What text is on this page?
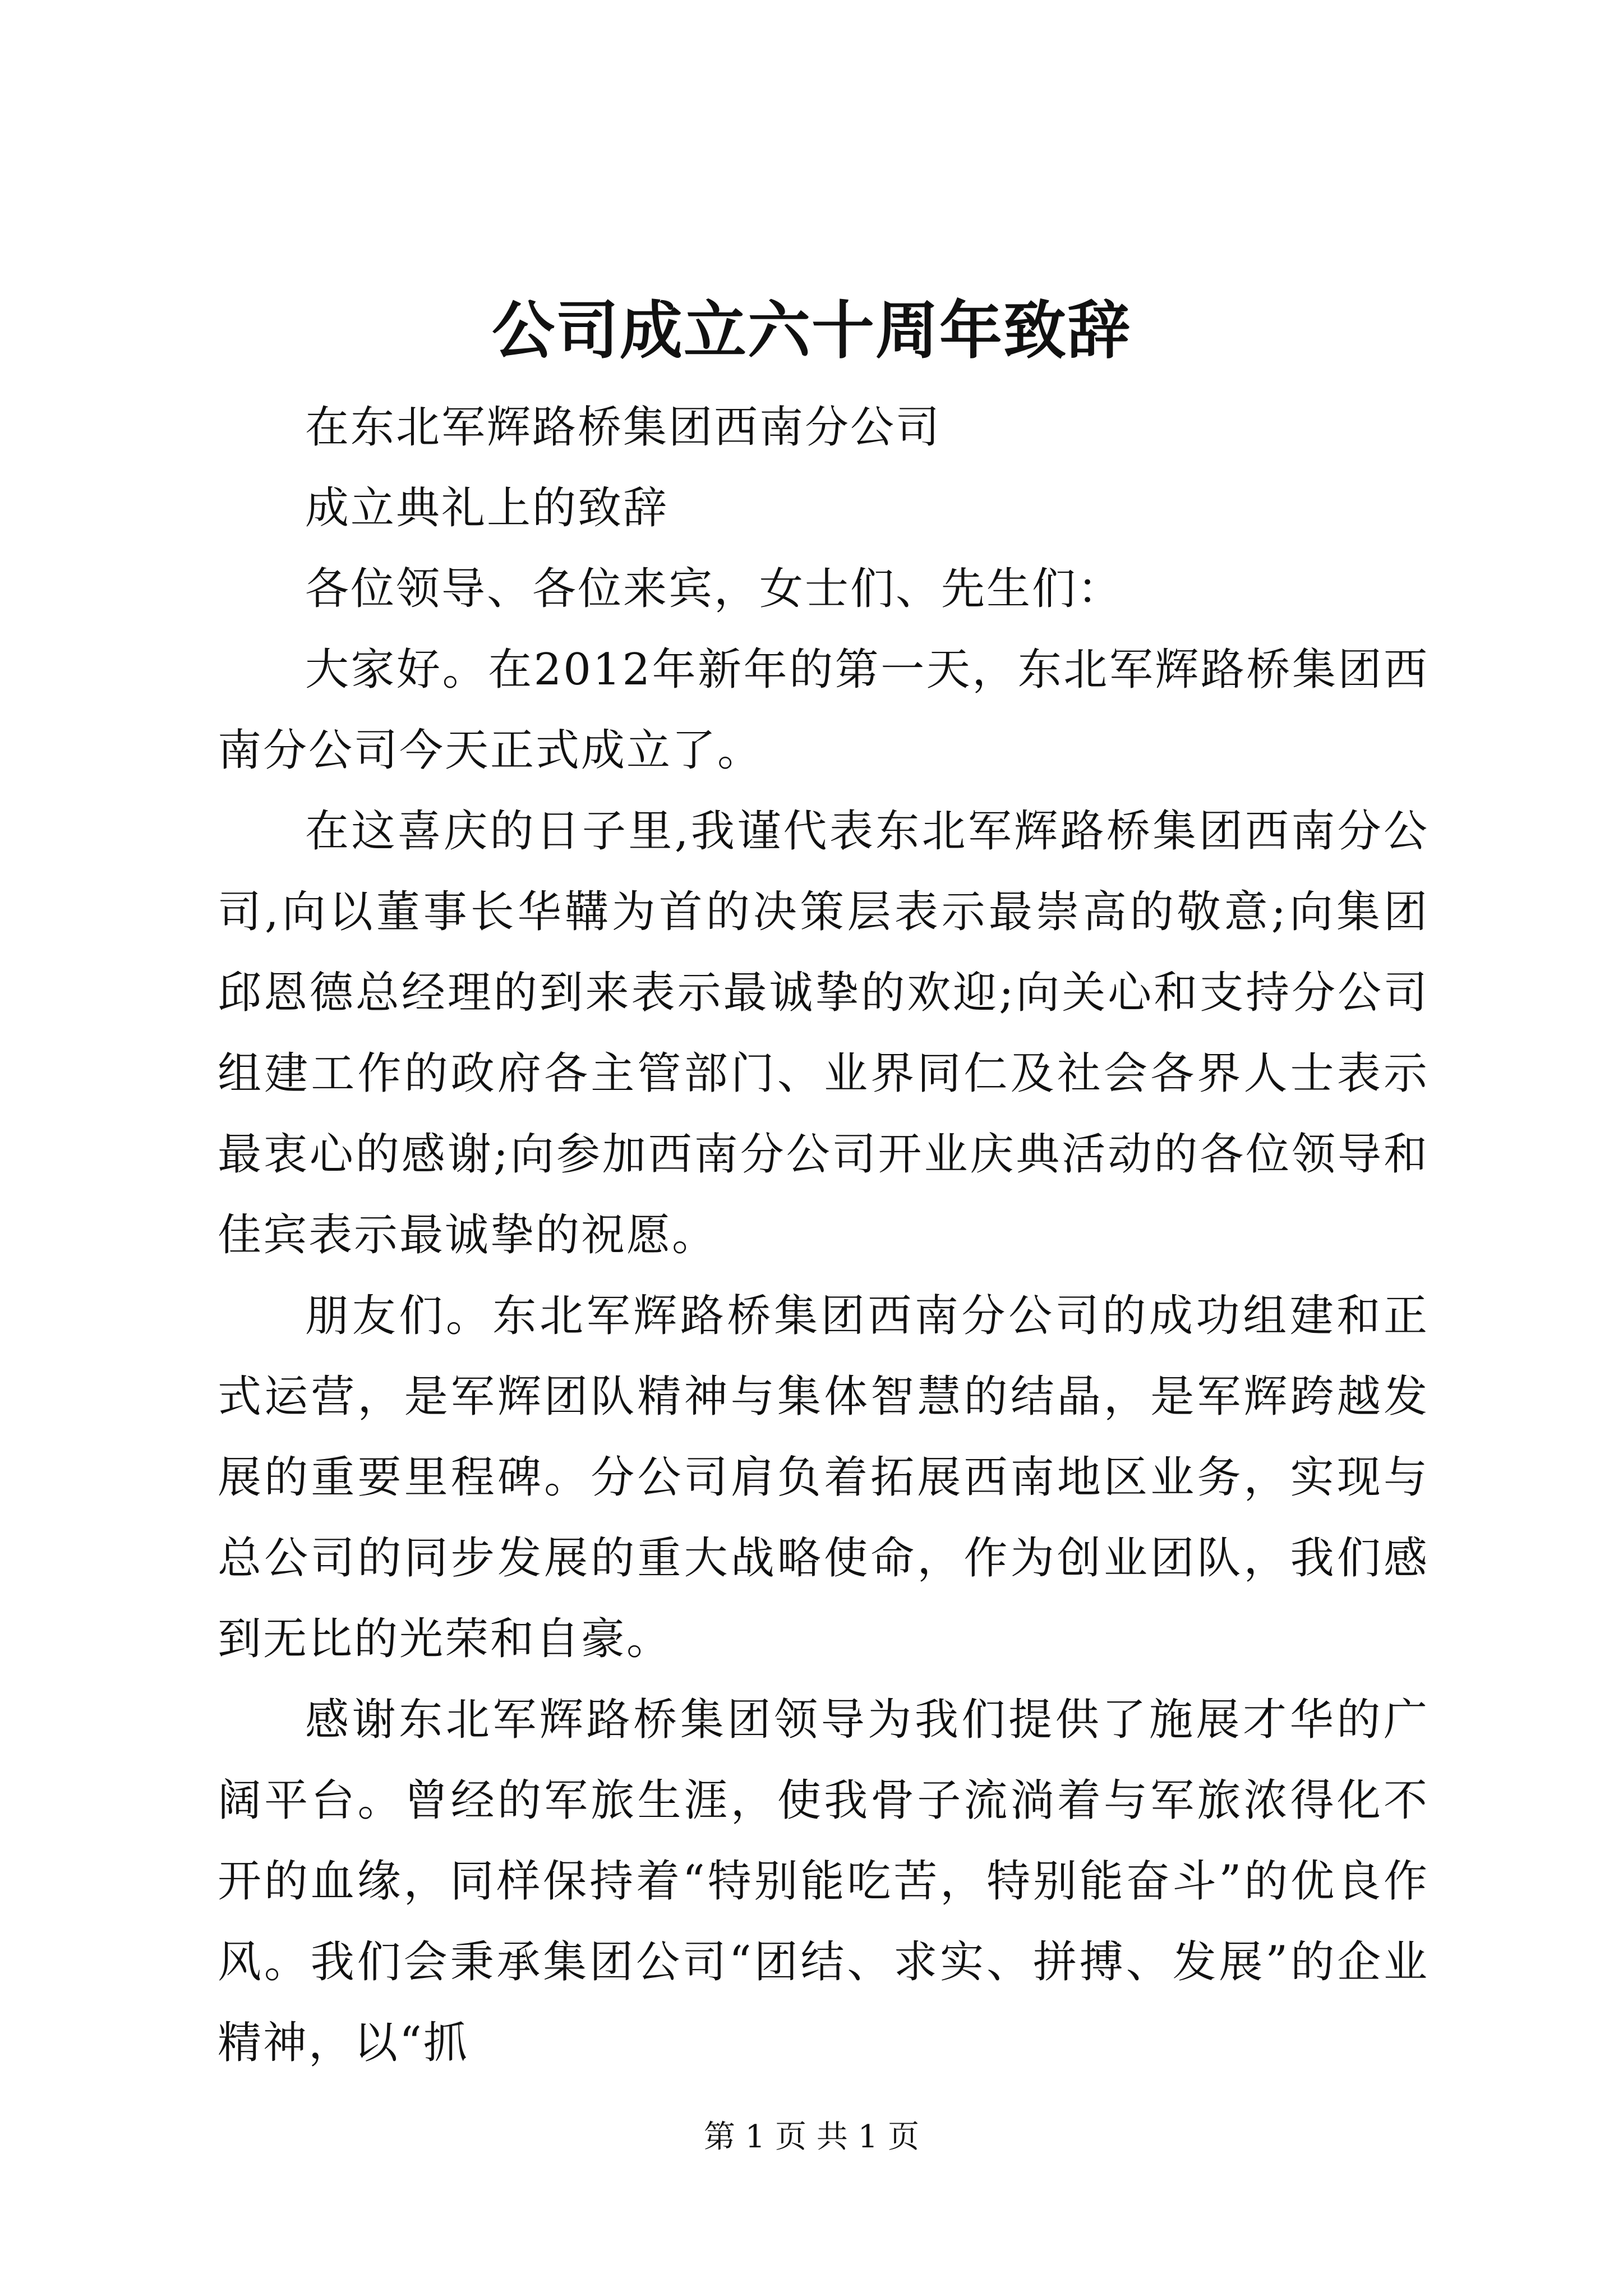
公司成立六十周年致辞

在东北军辉路桥集团西南分公司

成立典礼上的致辞

各位领导、各位来宾，女士们、先生们：

大家好。在2012年新年的第一天，东北军辉路桥集团西南分公司今天正式成立了。

在这喜庆的日子里,我谨代表东北军辉路桥集团西南分公司,向以董事长华鞲为首的决策层表示最崇高的敬意;向集团邱恩德总经理的到来表示最诚挚的欢迎;向关心和支持分公司组建工作的政府各主管部门、业界同仁及社会各界人士表示最衷心的感谢;向参加西南分公司开业庆典活动的各位领导和佳宾表示最诚挚的祝愿。

朋友们。东北军辉路桥集团西南分公司的成功组建和正式运营，是军辉团队精神与集体智慧的结晶，是军辉跨越发展的重要里程碑。分公司肩负着拓展西南地区业务，实现与总公司的同步发展的重大战略使命，作为创业团队，我们感到无比的光荣和自豪。

感谢东北军辉路桥集团领导为我们提供了施展才华的广阔平台。曾经的军旅生涯，使我骨子流淌着与军旅浓得化不开的血缘，同样保持着“特别能吃苦，特别能奋斗”的优良作风。我们会秉承集团公司“团结、求实、拼搏、发展”的企业精神，以“抓

第 1 页 共 1 页
